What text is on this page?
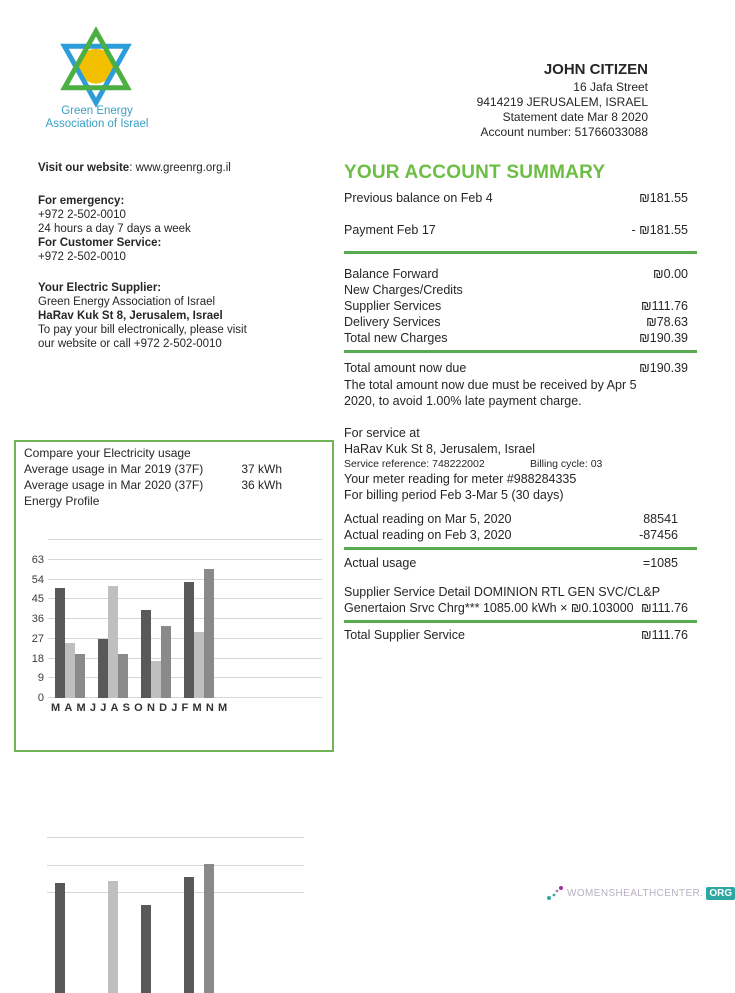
Green Energy
Association of Israel
JOHN CITIZEN
16 Jafa Street
9414219 JERUSALEM, ISRAEL
Statement date Mar 8 2020
Account number: 51766033088
Visit our website: www.greenrg.org.il
For emergency:
+972 2-502-0010
24 hours a day 7 days a week
For Customer Service:
+972 2-502-0010
Your Electric Supplier:
Green Energy Association of Israel
HaRav Kuk St 8, Jerusalem, Israel
To pay your bill electronically, please visit
our website or call +972 2-502-0010
YOUR ACCOUNT SUMMARY
Previous balance on Feb 4	₪181.55
Payment Feb 17	- ₪181.55
Balance Forward	₪0.00
New Charges/Credits
Supplier Services	₪111.76
Delivery Services	₪78.63
Total new Charges	₪190.39
Total amount now due	₪190.39
The total amount now due must be received by Apr 5
2020, to avoid 1.00% late payment charge.
For service at
HaRav Kuk St 8, Jerusalem, Israel
Service reference: 748222002	Billing cycle: 03
Your meter reading for meter #988284335
For billing period Feb 3-Mar 5 (30 days)
Actual reading on Mar 5, 2020	88541
Actual reading on Feb 3, 2020	-87456
Actual usage	=1085
Supplier Service Detail DOMINION RTL GEN SVC/CL&P
Genertaion Srvc Chrg*** 1085.00 kWh × ₪0.103000 ₪111.76
Total Supplier Service	₪111.76
Compare your Electricity usage
Average usage in Mar 2019 (37F)	37 kWh
Average usage in Mar 2020 (37F)	36 kWh
Energy Profile
0
9
18
27
36
45
54
63
MAMJJASONDJFMNM
WOMENSHEALTHCENTER. ORG
